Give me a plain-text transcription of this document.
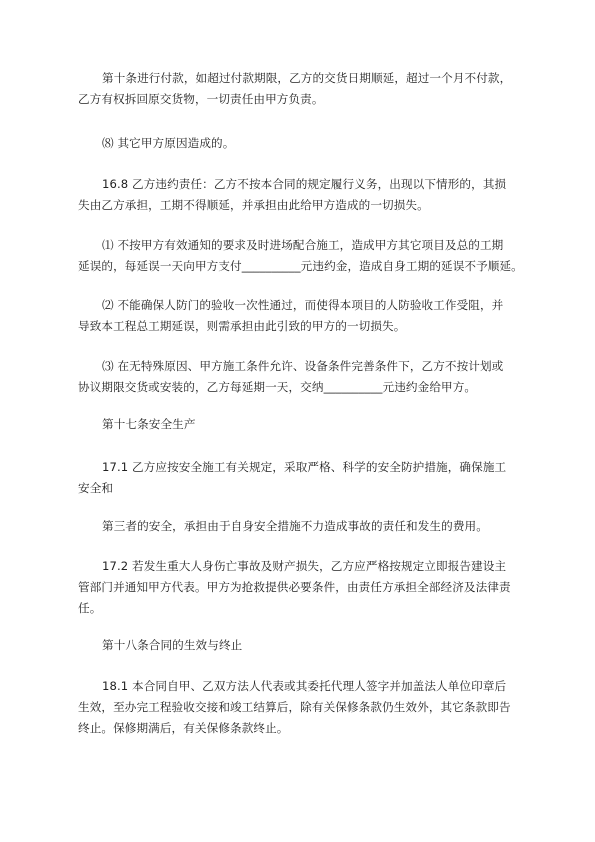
第十条进行付款，如超过付款期限，乙方的交货日期顺延，超过一个月不付款，
乙方有权拆回原交货物，一切责任由甲方负责。
⑻ 其它甲方原因造成的。
16.8 乙方违约责任：乙方不按本合同的规定履行义务，出现以下情形的，其损
失由乙方承担，工期不得顺延，并承担由此给甲方造成的一切损失。
⑴ 不按甲方有效通知的要求及时进场配合施工，造成甲方其它项目及总的工期
延误的，每延误一天向甲方支付__________元违约金，造成自身工期的延误不予顺延。
⑵ 不能确保人防门的验收一次性通过，而使得本项目的人防验收工作受阻，并
导致本工程总工期延误，则需承担由此引致的甲方的一切损失。
⑶ 在无特殊原因、甲方施工条件允许、设备条件完善条件下，乙方不按计划或
协议期限交货或安装的，乙方每延期一天，交纳__________元违约金给甲方。
第十七条安全生产
17.1 乙方应按安全施工有关规定，采取严格、科学的安全防护措施，确保施工
安全和
第三者的安全，承担由于自身安全措施不力造成事故的责任和发生的费用。
17.2 若发生重大人身伤亡事故及财产损失，乙方应严格按规定立即报告建设主
管部门并通知甲方代表。甲方为抢救提供必要条件，由责任方承担全部经济及法律责
任。
第十八条合同的生效与终止
18.1 本合同自甲、乙双方法人代表或其委托代理人签字并加盖法人单位印章后
生效，至办完工程验收交接和竣工结算后，除有关保修条款仍生效外，其它条款即告
终止。保修期满后，有关保修条款终止。
